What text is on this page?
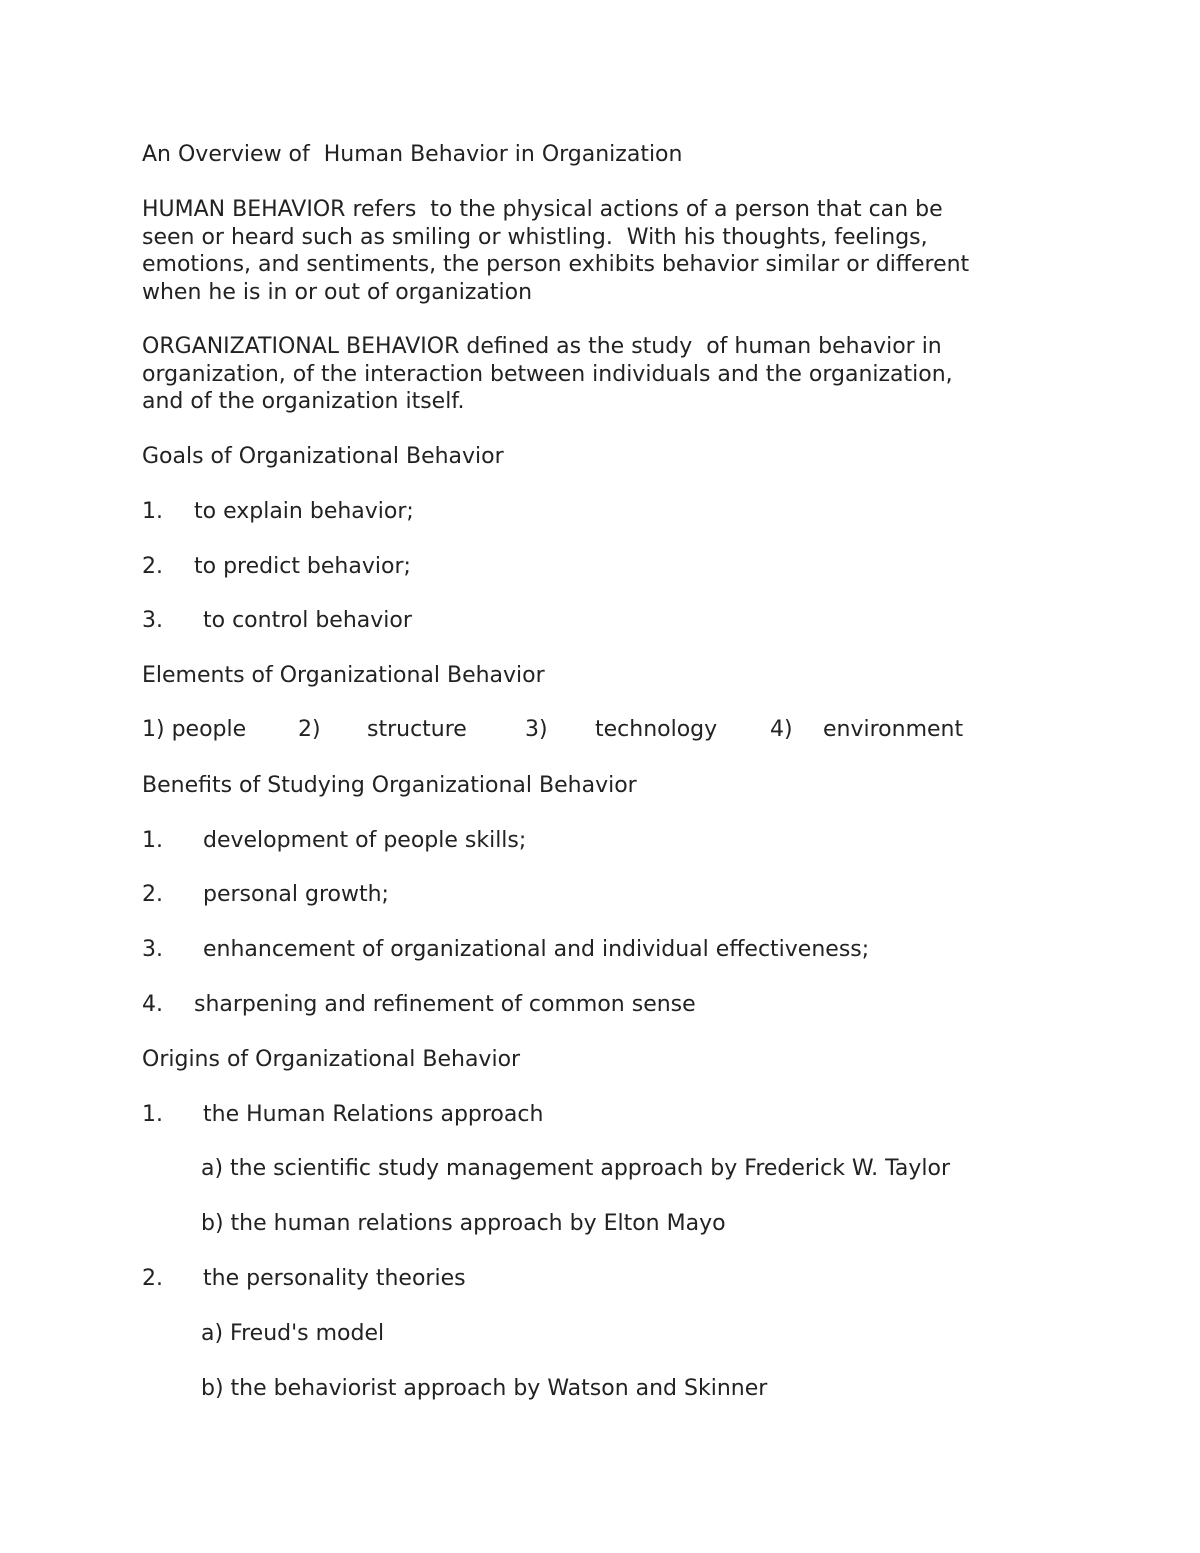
An Overview of  Human Behavior in Organization

HUMAN BEHAVIOR refers  to the physical actions of a person that can be
seen or heard such as smiling or whistling.  With his thoughts, feelings,
emotions, and sentiments, the person exhibits behavior similar or different
when he is in or out of organization
ORGANIZATIONAL BEHAVIOR defined as the study  of human behavior in
organization, of the interaction between individuals and the organization,
and of the organization itself.

Goals of Organizational Behavior

1. to explain behavior;
2. to predict behavior;
3. to control behavior

Elements of Organizational Behavior

1) people

2)

structure

	3)

technology

4)

environment

Benefits of Studying Organizational Behavior

1. development of people skills;
2. personal growth;
3. enhancement of organizational and individual effectiveness;
4. sharpening and refinement of common sense

Origins of Organizational Behavior

1. the Human Relations approach
a) the scientific study management approach by Frederick W. Taylor
b) the human relations approach by Elton Mayo
2. the personality theories
a) Freud's model
b) the behaviorist approach by Watson and Skinner
